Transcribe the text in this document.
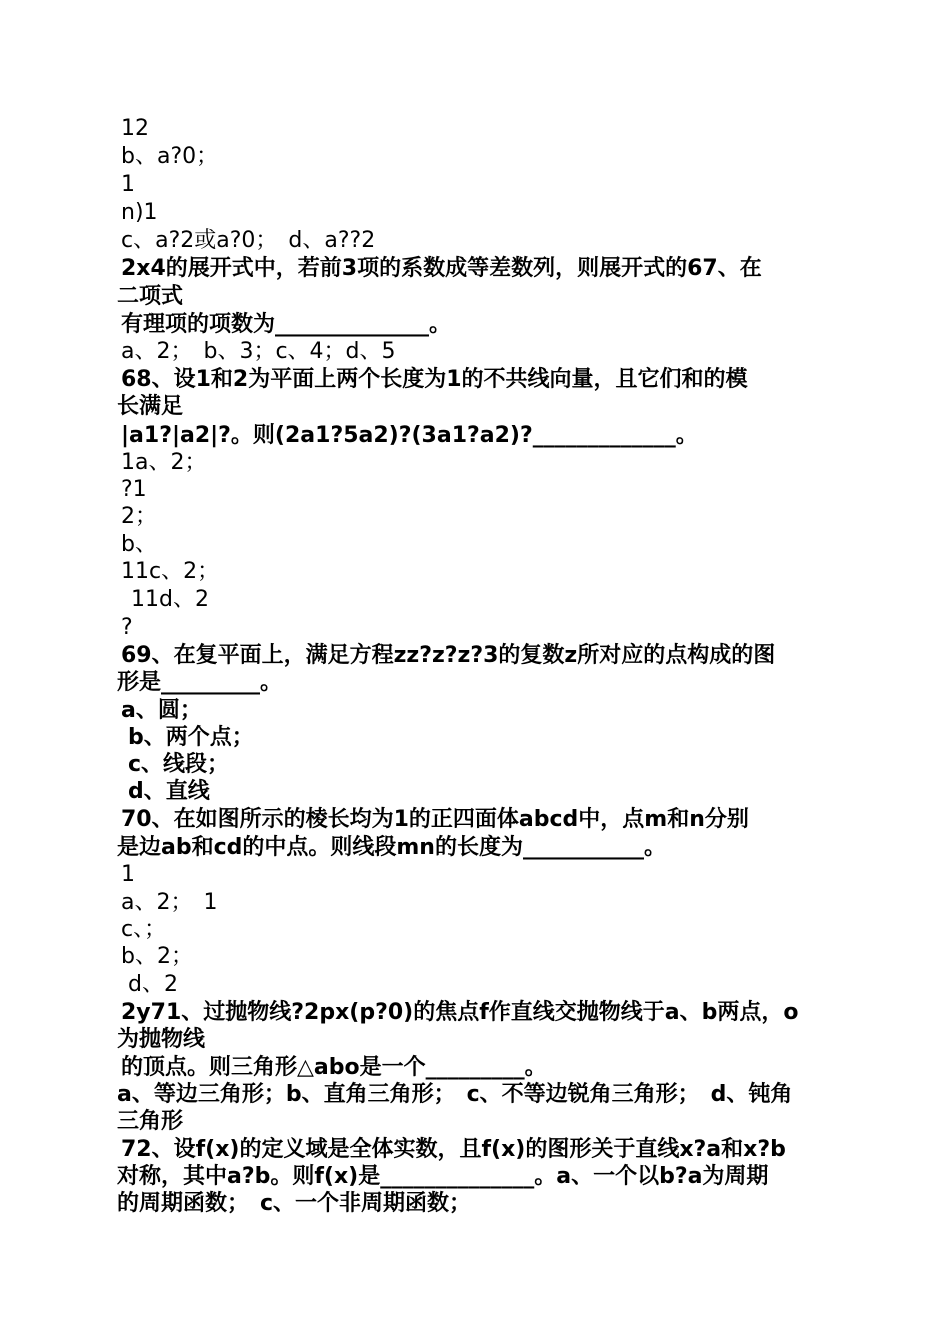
12
b、a?0；
1
n)1
c、a?2或a?0；　d、a??2
2x4的展开式中，若前3项的系数成等差数列，则展开式的67、在
二项式
有理项的项数为______________。
a、2；　b、3；c、4；d、5
68、设1和2为平面上两个长度为1的不共线向量，且它们和的模
长满足
|a1?|a2|?。则(2a1?5a2)?(3a1?a2)?_____________。
1a、2；
?1
2；
b、
11c、2；
11d、2
?
69、在复平面上，满足方程zz?z?z?3的复数z所对应的点构成的图
形是_________。
a、圆；
b、两个点；
c、线段；
d、直线
70、在如图所示的棱长均为1的正四面体abcd中，点m和n分别
是边ab和cd的中点。则线段mn的长度为___________。
1
a、2；　1
c、；
b、2；
d、2
2y71、过抛物线?2px(p?0)的焦点f作直线交抛物线于a、b两点，o
为抛物线
的顶点。则三角形△abo是一个_________。
a、等边三角形；b、直角三角形；　c、不等边锐角三角形；　d、钝角
三角形
72、设f(x)的定义域是全体实数，且f(x)的图形关于直线x?a和x?b
对称，其中a?b。则f(x)是______________。a、一个以b?a为周期
的周期函数；　c、一个非周期函数；
